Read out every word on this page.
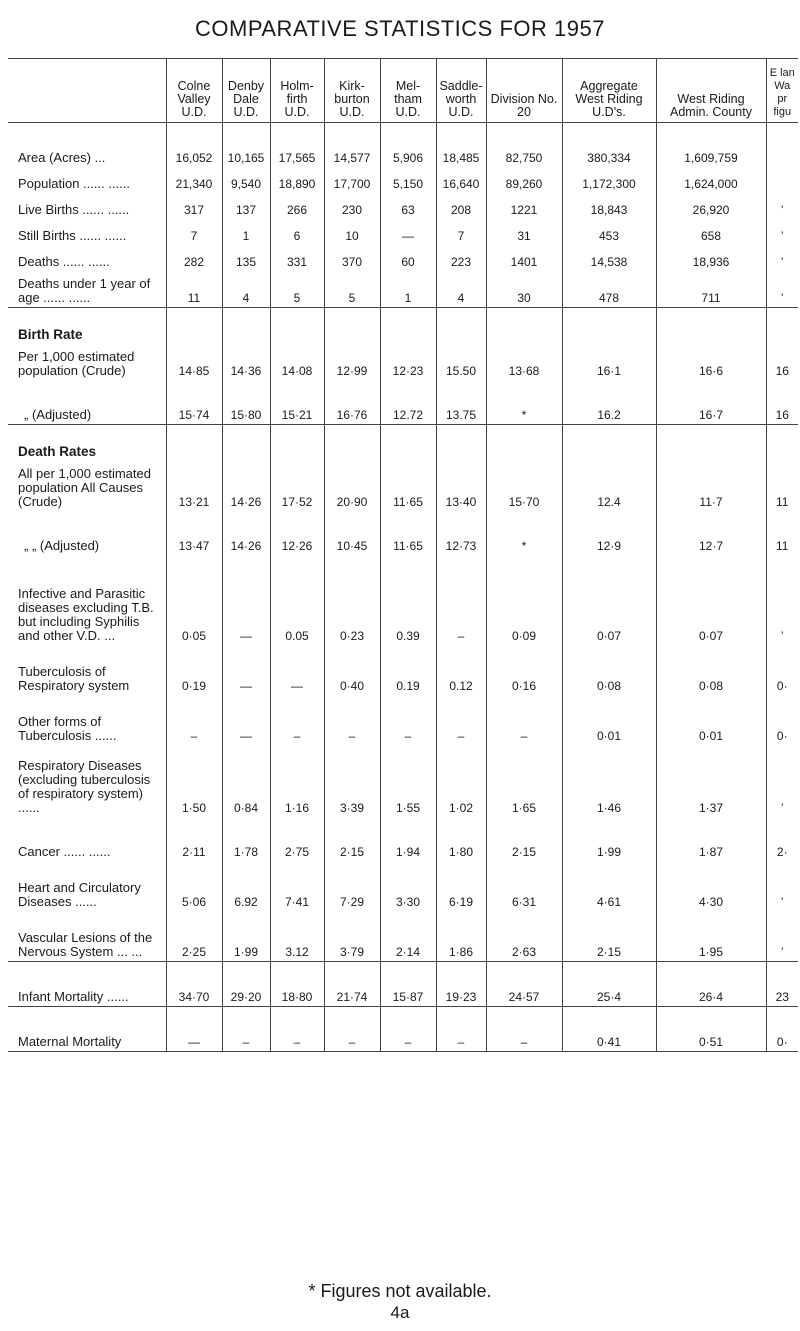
COMPARATIVE STATISTICS FOR 1957
	Colne Valley U.D.	Denby Dale U.D.	Holm-firth U.D.	Kirk-burton U.D.	Mel-tham U.D.	Saddle-worth U.D.	Division No. 20	Aggregate West Riding U.D's.	West Riding Admin. County	E lan Wa pr figu
Area (Acres) ...	16,052	10,165	17,565	14,577	5,906	18,485	82,750	380,334	1,609,759	
Population ...... ......	21,340	9,540	18,890	17,700	5,150	16,640	89,260	1,172,300	1,624,000	
Live Births ...... ......	317	137	266	230	63	208	1221	18,843	26,920	’
Still Births ...... ......	7	1	6	10	—	7	31	453	658	’
Deaths ...... ......	282	135	331	370	60	223	1401	14,538	18,936	’
Deaths under 1 year of age ...... ......	11	4	5	5	1	4	30	478	711	’
Birth Rate										
Per 1,000 estimated population (Crude)	14·85	14·36	14·08	12·99	12·23	15.50	13·68	16·1	16·6	16
„ (Adjusted)	15·74	15·80	15·21	16·76	12.72	13.75	*	16.2	16·7	16
Death Rates										
All per 1,000 estimated population All Causes (Crude)	13·21	14·26	17·52	20·90	11·65	13·40	15·70	12.4	11·7	11
„ „ (Adjusted)	13·47	14·26	12·26	10·45	11·65	12·73	*	12·9	12·7	11
Infective and Parasitic diseases excluding T.B. but including Syphilis and other V.D. ...	0·05	—	0.05	0·23	0.39	–	0·09	0·07	0·07	’
Tuberculosis of Respiratory system	0·19	—	—	0·40	0.19	0.12	0·16	0·08	0·08	0·
Other forms of Tuberculosis ......	–	—	–	–	–	–	–	0·01	0·01	0·
Respiratory Diseases (excluding tuberculosis of respiratory system) ......	1·50	0·84	1·16	3·39	1·55	1·02	1·65	1·46	1·37	’
Cancer ...... ......	2·11	1·78	2·75	2·15	1·94	1·80	2·15	1·99	1·87	2·
Heart and Circulatory Diseases ......	5·06	6.92	7·41	7·29	3·30	6·19	6·31	4·61	4·30	’
Vascular Lesions of the Nervous System ... ...	2·25	1·99	3.12	3·79	2·14	1·86	2·63	2·15	1·95	’
Infant Mortality ......	34·70	29·20	18·80	21·74	15·87	19·23	24·57	25·4	26·4	23
Maternal Mortality	—	–	–	–	–	–	–	0·41	0·51	0·
* Figures not available.
4a
